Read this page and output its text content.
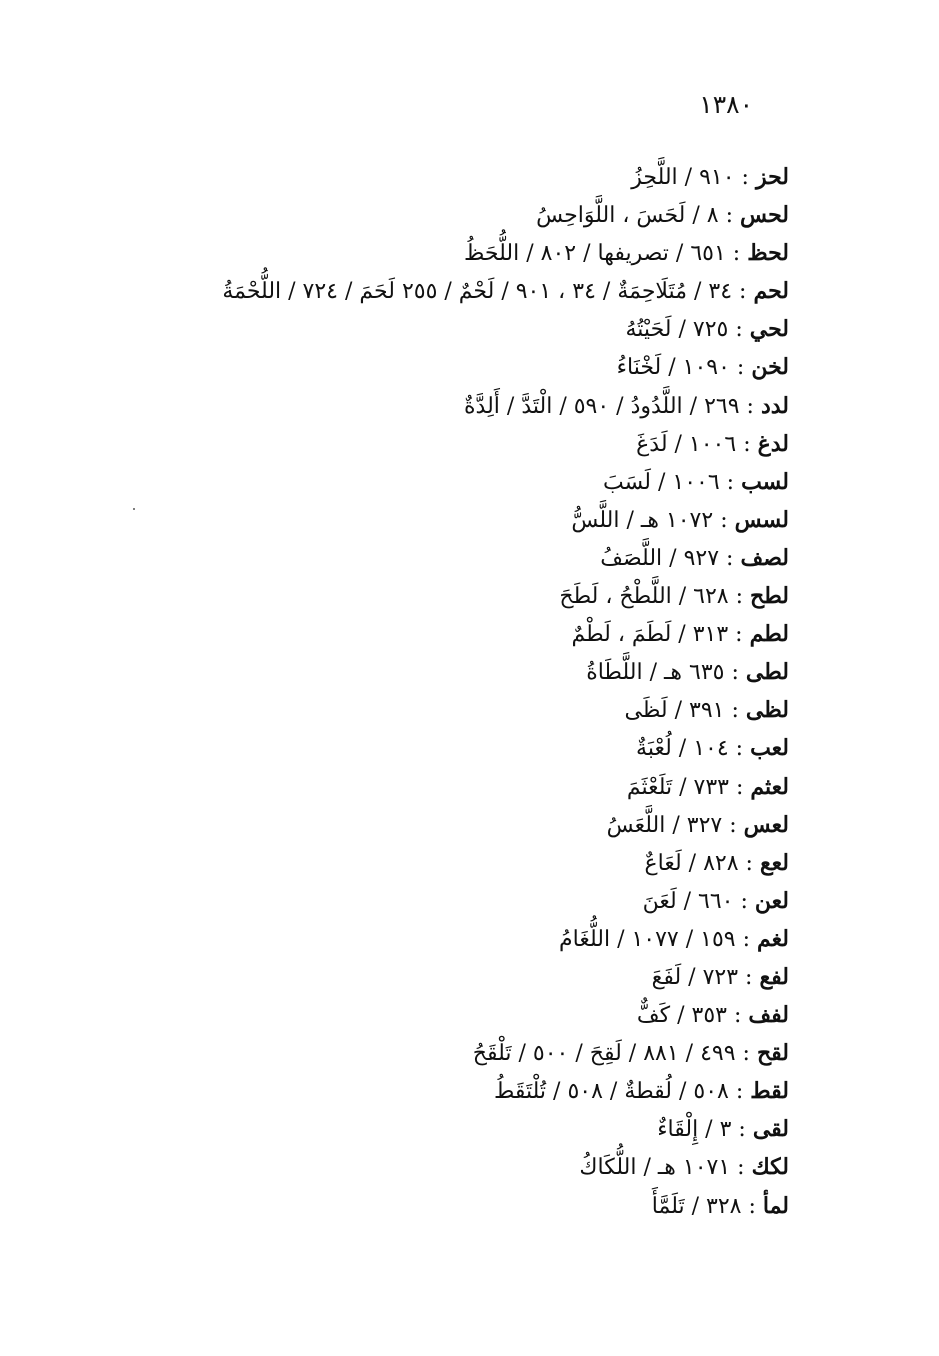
١٣٨٠
لحز:٩١٠ / اللَّحِزُ
لحس:٨ / لَحَسَ ، اللَّوَاحِسُ
لحظ:٦٥١ / تصريفها / ٨٠٢ / اللُّحَظُ
لحم:٣٤ / مُتَلَاحِمَةٌ / ٣٤ ، ٩٠١ / لَحْمٌ / ٢٥٥ لَحَمَ / ٧٢٤ / اللُّحْمَةُ
لحي:٧٢٥ / لَحَيْتُهُ
لخن:١٠٩٠ / لَخْنَاءُ
لدد:٢٦٩ / اللَّدُودُ / ٥٩٠ / الْتَدَّ / أَلِدَّةٌ
لدغ:١٠٠٦ / لَدَغَ
لسب:١٠٠٦ / لَسَبَ
لسس:١٠٧٢ هـ / اللَّسُّ
لصف:٩٢٧ / اللَّصَفُ
لطح:٦٢٨ / اللَّطْحُ ، لَطَحَ
لطم:٣١٣ / لَطَمَ ، لَطْمٌ
لطى:٦٣٥ هـ / اللَّطَاةُ
لظى:٣٩١ / لَظَى
لعب:١٠٤ / لُعْبَةٌ
لعثم:٧٣٣ / تَلَعْثَمَ
لعس:٣٢٧ / اللَّعَسُ
لعع:٨٢٨ / لَعَاعٌ
لعن:٦٦٠ / لَعَنَ
لغم:١٥٩ / ١٠٧٧ / اللُّغَامُ
لفع:٧٢٣ / لَفَعَ
لفف:٣٥٣ / كَفٌّ
لقح:٤٩٩ / ٨٨١ / لَقِحَ / ٥٠٠ / تَلْقَحُ
لقط:٥٠٨ / لُقطةٌ / ٥٠٨ / تُلْتَقَطُ
لقى:٣ / إِلْقَاءٌ
لكك:١٠٧١ هـ / اللُّكَاكُ
لمأ:٣٢٨ / تَلَمَّأَ
